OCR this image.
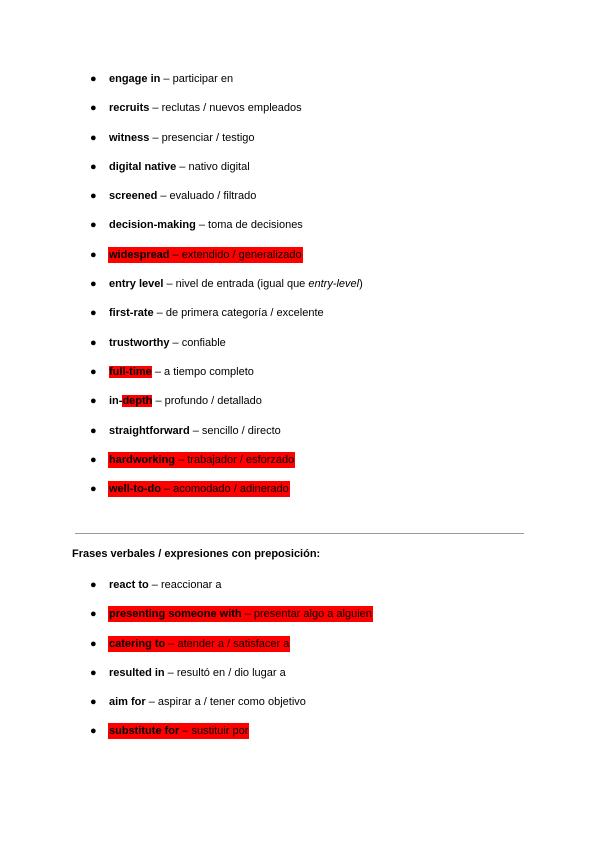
●	engage in – participar en
●	recruits – reclutas / nuevos empleados
●	witness – presenciar / testigo
●	digital native – nativo digital
●	screened – evaluado / filtrado
●	decision-making – toma de decisiones
●	widespread – extendido / generalizado
●	entry level – nivel de entrada (igual que entry-level)
●	first-rate – de primera categoría / excelente
●	trustworthy – confiable
●	full-time – a tiempo completo
●	in-depth – profundo / detallado
●	straightforward – sencillo / directo
●	hardworking – trabajador / esforzado
●	well-to-do – acomodado / adinerado
Frases verbales / expresiones con preposición:
●	react to – reaccionar a
●	presenting someone with – presentar algo a alguien
●	catering to – atender a / satisfacer a
●	resulted in – resultó en / dio lugar a
●	aim for – aspirar a / tener como objetivo
●	substitute for – sustituir por
